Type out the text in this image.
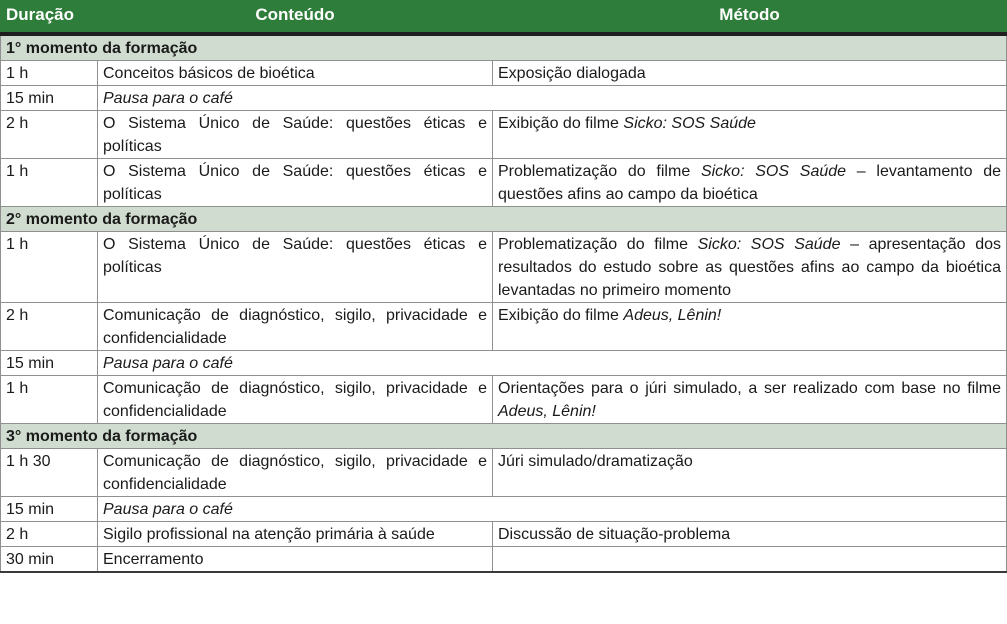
Duração	Conteúdo	Método
1° momento da formação		
1 h	Conceitos básicos de bioética	Exposição dialogada
15 min	Pausa para o café	
2 h	O Sistema Único de Saúde: questões éticas e políticas	Exibição do filme Sicko: SOS Saúde
1 h	O Sistema Único de Saúde: questões éticas e políticas	Problematização do filme Sicko: SOS Saúde – levantamento de questões afins ao campo da bioética
2° momento da formação		
1 h	O Sistema Único de Saúde: questões éticas e políticas	Problematização do filme Sicko: SOS Saúde – apresentação dos resultados do estudo sobre as questões afins ao campo da bioética levantadas no primeiro momento
2 h	Comunicação de diagnóstico, sigilo, privacidade e confidencialidade	Exibição do filme Adeus, Lênin!
15 min	Pausa para o café	
1 h	Comunicação de diagnóstico, sigilo, privacidade e confidencialidade	Orientações para o júri simulado, a ser realizado com base no filme Adeus, Lênin!
3° momento da formação		
1 h 30	Comunicação de diagnóstico, sigilo, privacidade e confidencialidade	Júri simulado/dramatização
15 min	Pausa para o café	
2 h	Sigilo profissional na atenção primária à saúde	Discussão de situação-problema
30 min	Encerramento	
